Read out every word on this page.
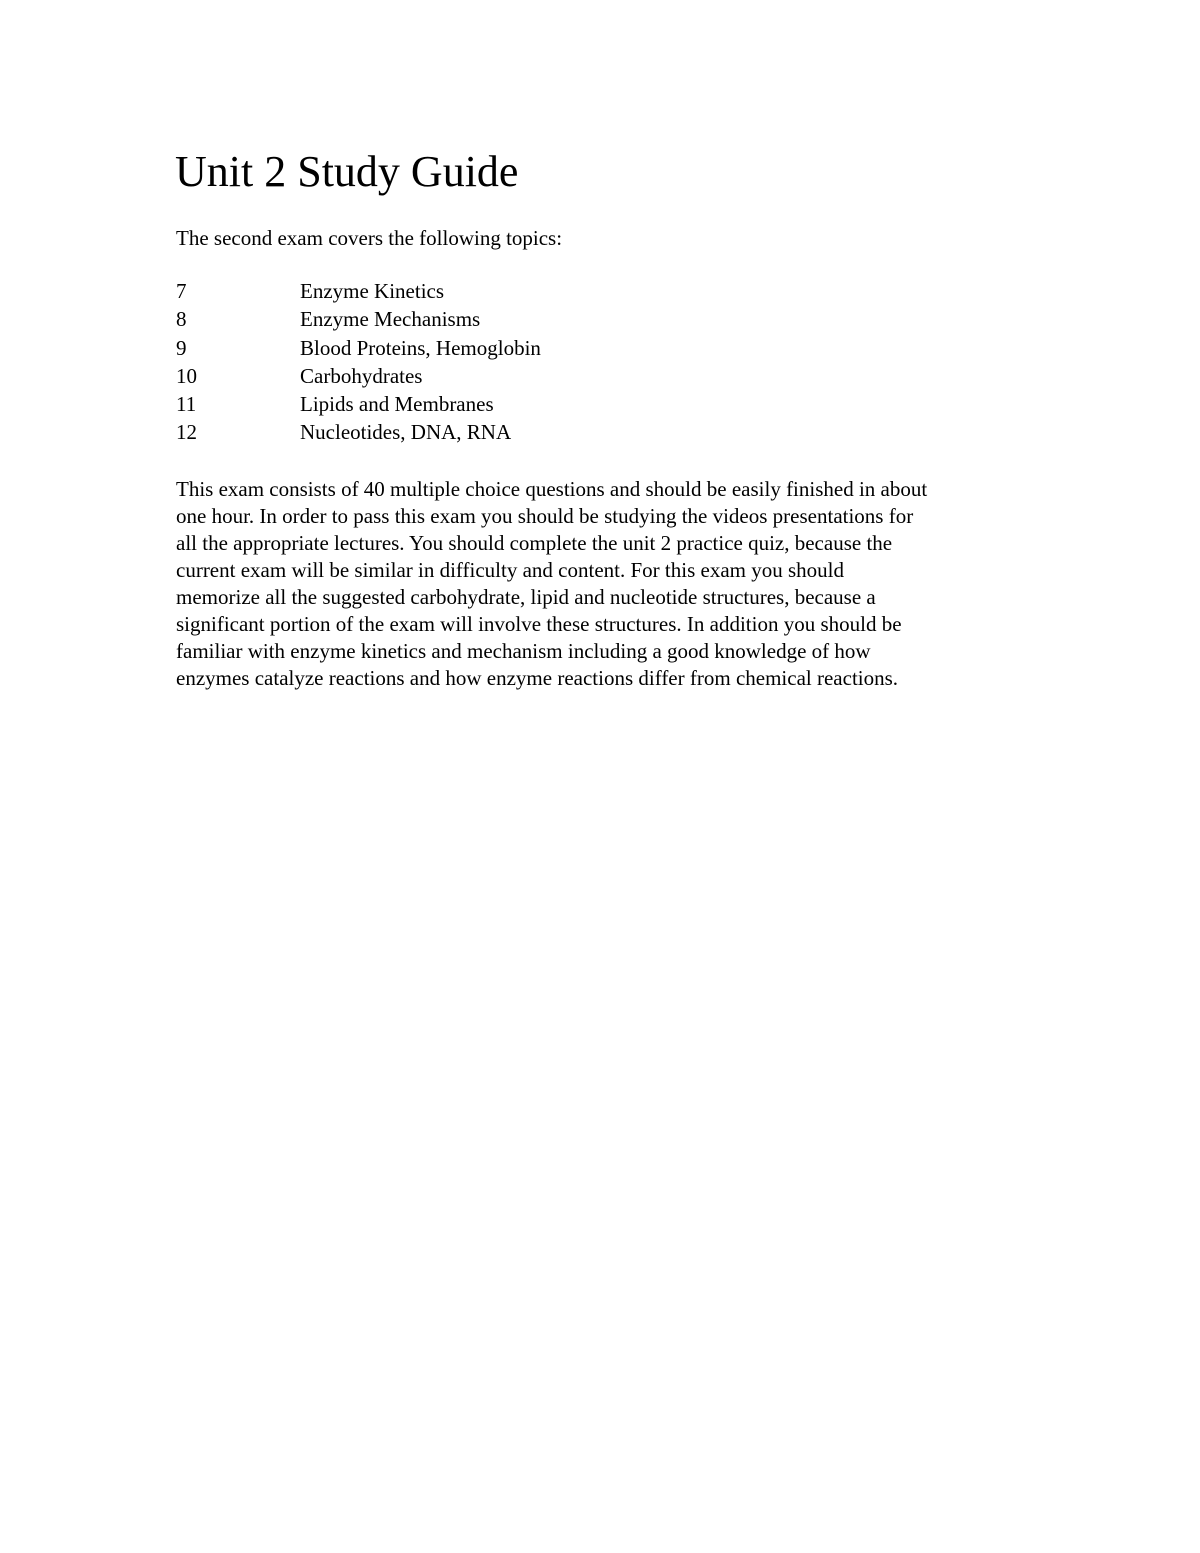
Unit 2 Study Guide

The second exam covers the following topics:

7	Enzyme Kinetics
8	Enzyme Mechanisms
9	Blood Proteins, Hemoglobin
10	Carbohydrates
11	Lipids and Membranes
12	Nucleotides, DNA, RNA

This exam consists of 40 multiple choice questions and should be easily finished in about
one hour. In order to pass this exam you should be studying the videos presentations for
all the appropriate lectures. You should complete the unit 2 practice quiz, because the
current exam will be similar in difficulty and content. For this exam you should
memorize all the suggested carbohydrate, lipid and nucleotide structures, because a
significant portion of the exam will involve these structures. In addition you should be
familiar with enzyme kinetics and mechanism including a good knowledge of how
enzymes catalyze reactions and how enzyme reactions differ from chemical reactions.
